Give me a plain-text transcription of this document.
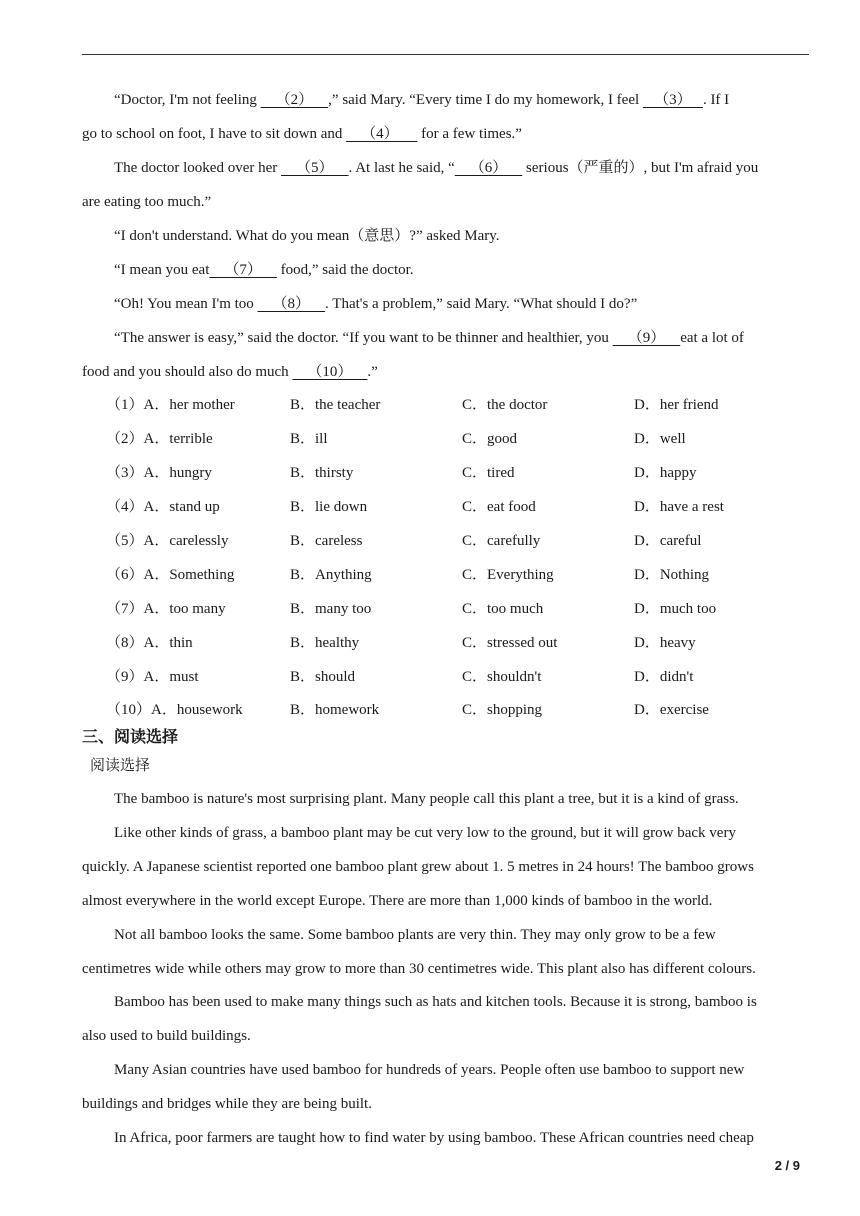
“Doctor, I'm not feeling     （2）    ,” said Mary. “Every time I do my homework, I feel    （3）   . If I
go to school on foot, I have to sit down and     （4）      for a few times.”
The doctor looked over her     （5）    . At last he said, “    （6）     serious（严重的）, but I'm afraid you
are eating too much.”
“I don't understand. What do you mean（意思）?” asked Mary.
“I mean you eat    （7）     food,” said the doctor.
“Oh! You mean I'm too     （8）    . That's a problem,” said Mary. “What should I do?”
“The answer is easy,” said the doctor. “If you want to be thinner and healthier, you     （9）    eat a lot of
food and you should also do much     （10）    .”
（1）A．her mother	B．the teacher	C．the doctor	D．her friend
（2）A．terrible	B．ill	C．good	D．well
（3）A．hungry	B．thirsty	C．tired	D．happy
（4）A．stand up	B．lie down	C．eat food	D．have a rest
（5）A．carelessly	B．careless	C．carefully	D．careful
（6）A．Something	B．Anything	C．Everything	D．Nothing
（7）A．too many	B．many too	C．too much	D．much too
（8）A．thin	B．healthy	C．stressed out	D．heavy
（9）A．must	B．should	C．shouldn't	D．didn't
（10）A．housework	B．homework	C．shopping	D．exercise
三、阅读选择
阅读选择
The bamboo is nature's most surprising plant. Many people call this plant a tree, but it is a kind of grass.
Like other kinds of grass, a bamboo plant may be cut very low to the ground, but it will grow back very
quickly. A Japanese scientist reported one bamboo plant grew about 1. 5 metres in 24 hours! The bamboo grows
almost everywhere in the world except Europe. There are more than 1,000 kinds of bamboo in the world.
Not all bamboo looks the same. Some bamboo plants are very thin. They may only grow to be a few
centimetres wide while others may grow to more than 30 centimetres wide. This plant also has different colours.
Bamboo has been used to make many things such as hats and kitchen tools. Because it is strong, bamboo is
also used to build buildings.
Many Asian countries have used bamboo for hundreds of years. People often use bamboo to support new
buildings and bridges while they are being built.
In Africa, poor farmers are taught how to find water by using bamboo. These African countries need cheap
2 / 9
